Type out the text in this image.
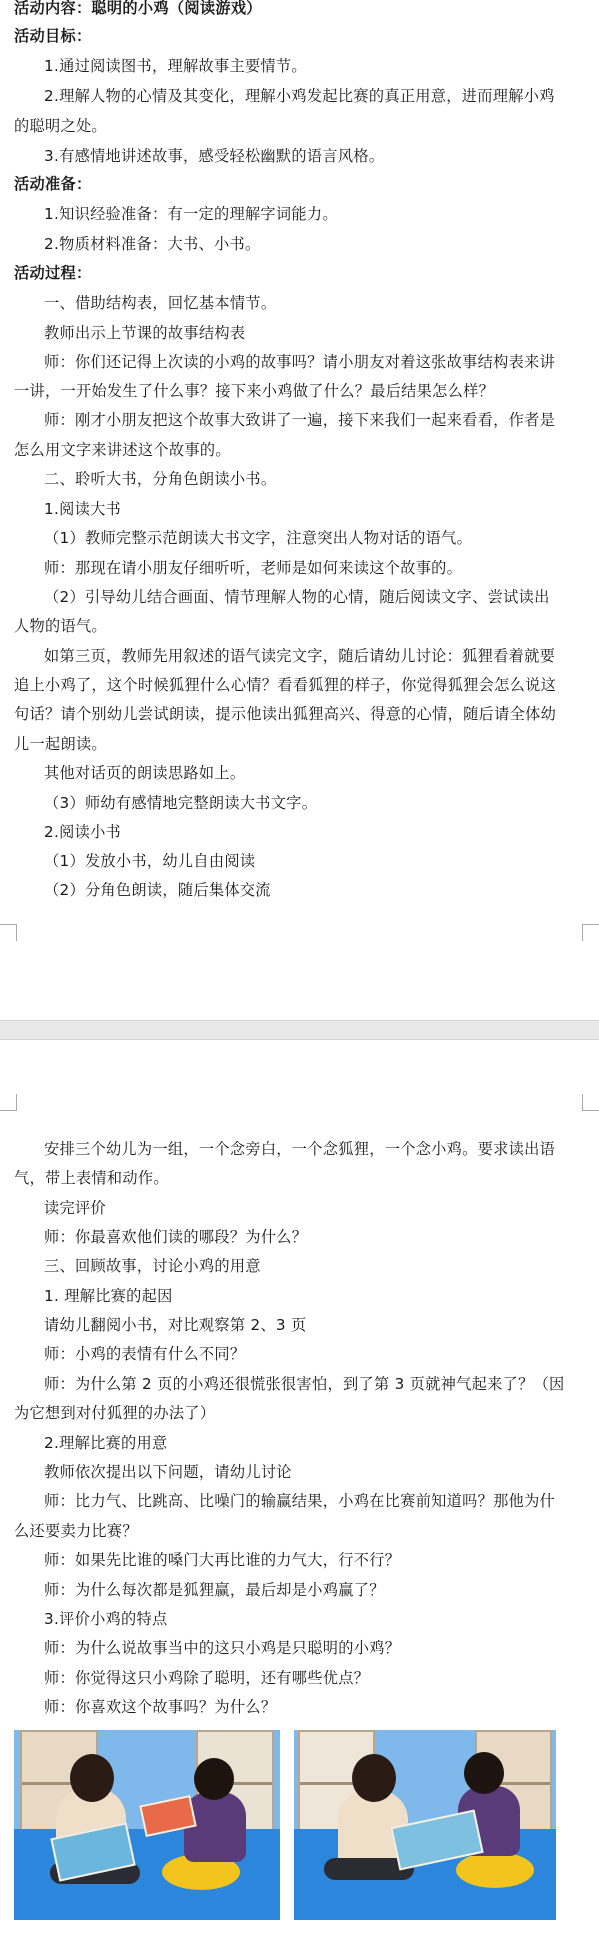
活动内容：聪明的小鸡（阅读游戏）
活动目标：
1.通过阅读图书，理解故事主要情节。
2.理解人物的心情及其变化，理解小鸡发起比赛的真正用意，进而理解小鸡
的聪明之处。
3.有感情地讲述故事，感受轻松幽默的语言风格。
活动准备：
1.知识经验准备：有一定的理解字词能力。
2.物质材料准备：大书、小书。
活动过程：
一、借助结构表，回忆基本情节。
教师出示上节课的故事结构表
师：你们还记得上次读的小鸡的故事吗？请小朋友对着这张故事结构表来讲
一讲，一开始发生了什么事？接下来小鸡做了什么？最后结果怎么样？
师：刚才小朋友把这个故事大致讲了一遍，接下来我们一起来看看，作者是
怎么用文字来讲述这个故事的。
二、聆听大书，分角色朗读小书。
1.阅读大书
（1）教师完整示范朗读大书文字，注意突出人物对话的语气。
师：那现在请小朋友仔细听听，老师是如何来读这个故事的。
（2）引导幼儿结合画面、情节理解人物的心情，随后阅读文字、尝试读出
人物的语气。
如第三页，教师先用叙述的语气读完文字，随后请幼儿讨论：狐狸看着就要
追上小鸡了，这个时候狐狸什么心情？看看狐狸的样子，你觉得狐狸会怎么说这
句话？请个别幼儿尝试朗读，提示他读出狐狸高兴、得意的心情，随后请全体幼
儿一起朗读。
其他对话页的朗读思路如上。
（3）师幼有感情地完整朗读大书文字。
2.阅读小书
（1）发放小书，幼儿自由阅读
（2）分角色朗读，随后集体交流
安排三个幼儿为一组，一个念旁白，一个念狐狸，一个念小鸡。要求读出语
气，带上表情和动作。
读完评价
师：你最喜欢他们读的哪段？为什么？
三、回顾故事，讨论小鸡的用意
1. 理解比赛的起因
请幼儿翻阅小书，对比观察第 2、3 页
师：小鸡的表情有什么不同？
师：为什么第 2 页的小鸡还很慌张很害怕，到了第 3 页就神气起来了？（因
为它想到对付狐狸的办法了）
2.理解比赛的用意
教师依次提出以下问题，请幼儿讨论
师：比力气、比跳高、比噪门的输赢结果，小鸡在比赛前知道吗？那他为什
么还要卖力比赛？
师：如果先比谁的嗓门大再比谁的力气大，行不行？
师：为什么每次都是狐狸赢，最后却是小鸡赢了？
3.评价小鸡的特点
师：为什么说故事当中的这只小鸡是只聪明的小鸡？
师：你觉得这只小鸡除了聪明，还有哪些优点？
师：你喜欢这个故事吗？为什么？
